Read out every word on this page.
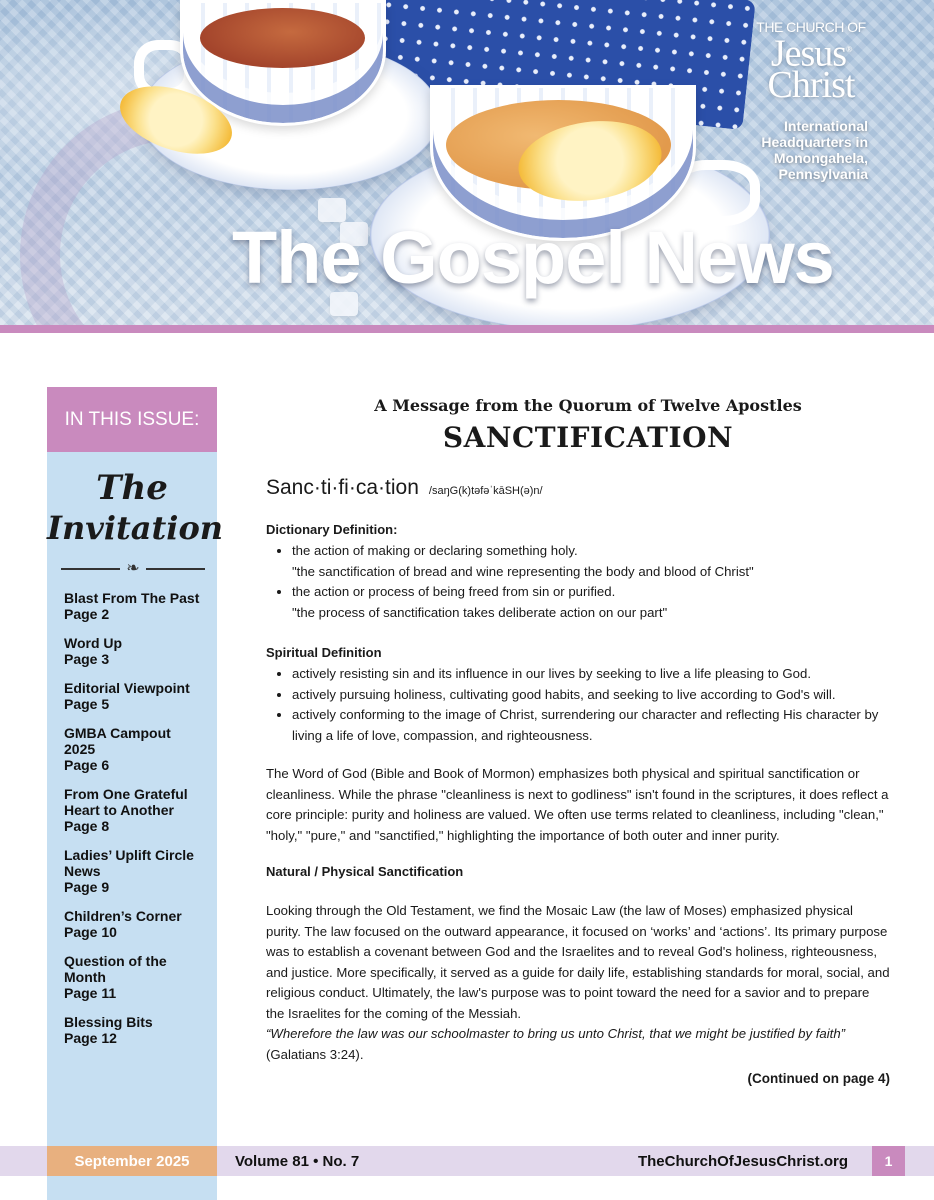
THE CHURCH OF
Jesus®
Christ
International
Headquarters in
Monongahela,
Pennsylvania
The Gospel News
IN THIS ISSUE:
The
Invitation
❧
Blast From The Past
Page 2
Word Up
Page 3
Editorial Viewpoint
Page 5
GMBA Campout 2025
Page 6
From One Grateful Heart to Another
Page 8
Ladies’ Uplift Circle News
Page 9
Children’s Corner
Page 10
Question of the Month
Page 11
Blessing Bits
Page 12
A Message from the Quorum of Twelve Apostles
SANCTIFICATION
Sanc·ti·fi·ca·tion /saŋG(k)təfəˈkāSH(ə)n/
Dictionary Definition:
• the action of making or declaring something holy.
"the sanctification of bread and wine representing the body and blood of Christ"
• the action or process of being freed from sin or purified.
"the process of sanctification takes deliberate action on our part"
Spiritual Definition
• actively resisting sin and its influence in our lives by seeking to live a life pleasing to God.
• actively pursuing holiness, cultivating good habits, and seeking to live according to God's will.
• actively conforming to the image of Christ, surrendering our character and reflecting His character by living a life of love, compassion, and righteousness.

The Word of God (Bible and Book of Mormon) emphasizes both physical and spiritual sanctification or cleanliness. While the phrase "cleanliness is next to godliness" isn't found in the scriptures, it does reflect a core principle: purity and holiness are valued. We often use terms related to cleanliness, including "clean," "holy," "pure," and "sanctified," highlighting the importance of both outer and inner purity.

Natural / Physical Sanctification

Looking through the Old Testament, we find the Mosaic Law (the law of Moses) emphasized physical purity. The law focused on the outward appearance, it focused on ‘works’ and ‘actions’. Its primary purpose was to establish a covenant between God and the Israelites and to reveal God's holiness, righteousness, and justice. More specifically, it served as a guide for daily life, establishing standards for moral, social, and religious conduct. Ultimately, the law's purpose was to point toward the need for a savior and to prepare the Israelites for the coming of the Messiah.
“Wherefore the law was our schoolmaster to bring us unto Christ, that we might be justified by faith”
(Galatians 3:24).

(Continued on page 4)
September 2025	Volume 81 • No. 7	TheChurchOfJesusChrist.org	1
